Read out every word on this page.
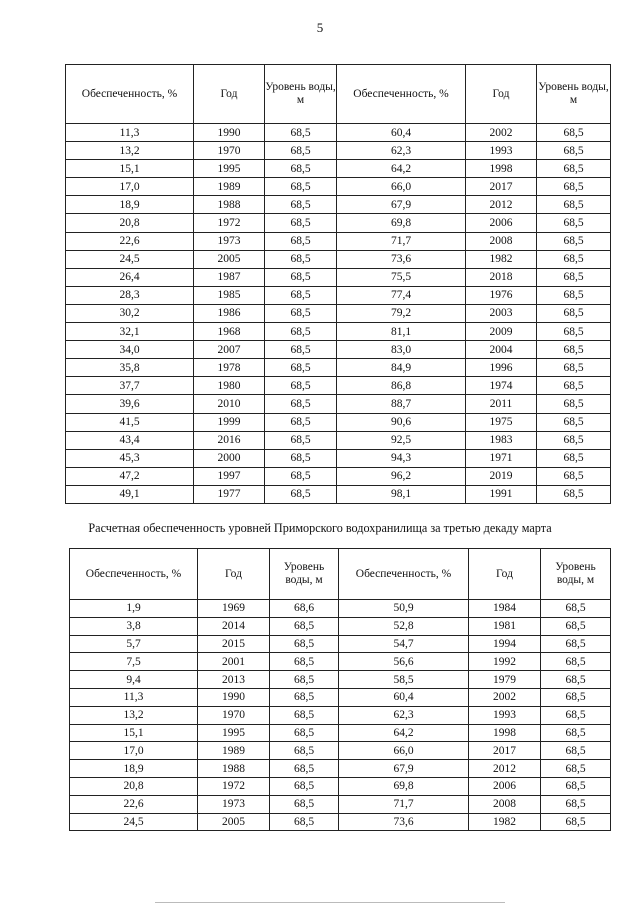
5
Обеспеченность, %	Год	Уровень воды, м	Обеспеченность, %	Год	Уровень воды, м
11,3	1990	68,5	60,4	2002	68,5
13,2	1970	68,5	62,3	1993	68,5
15,1	1995	68,5	64,2	1998	68,5
17,0	1989	68,5	66,0	2017	68,5
18,9	1988	68,5	67,9	2012	68,5
20,8	1972	68,5	69,8	2006	68,5
22,6	1973	68,5	71,7	2008	68,5
24,5	2005	68,5	73,6	1982	68,5
26,4	1987	68,5	75,5	2018	68,5
28,3	1985	68,5	77,4	1976	68,5
30,2	1986	68,5	79,2	2003	68,5
32,1	1968	68,5	81,1	2009	68,5
34,0	2007	68,5	83,0	2004	68,5
35,8	1978	68,5	84,9	1996	68,5
37,7	1980	68,5	86,8	1974	68,5
39,6	2010	68,5	88,7	2011	68,5
41,5	1999	68,5	90,6	1975	68,5
43,4	2016	68,5	92,5	1983	68,5
45,3	2000	68,5	94,3	1971	68,5
47,2	1997	68,5	96,2	2019	68,5
49,1	1977	68,5	98,1	1991	68,5
Расчетная обеспеченность уровней Приморского водохранилища за третью декаду марта
Обеспеченность, %	Год	Уровень воды, м	Обеспеченность, %	Год	Уровень воды, м
1,9	1969	68,6	50,9	1984	68,5
3,8	2014	68,5	52,8	1981	68,5
5,7	2015	68,5	54,7	1994	68,5
7,5	2001	68,5	56,6	1992	68,5
9,4	2013	68,5	58,5	1979	68,5
11,3	1990	68,5	60,4	2002	68,5
13,2	1970	68,5	62,3	1993	68,5
15,1	1995	68,5	64,2	1998	68,5
17,0	1989	68,5	66,0	2017	68,5
18,9	1988	68,5	67,9	2012	68,5
20,8	1972	68,5	69,8	2006	68,5
22,6	1973	68,5	71,7	2008	68,5
24,5	2005	68,5	73,6	1982	68,5
